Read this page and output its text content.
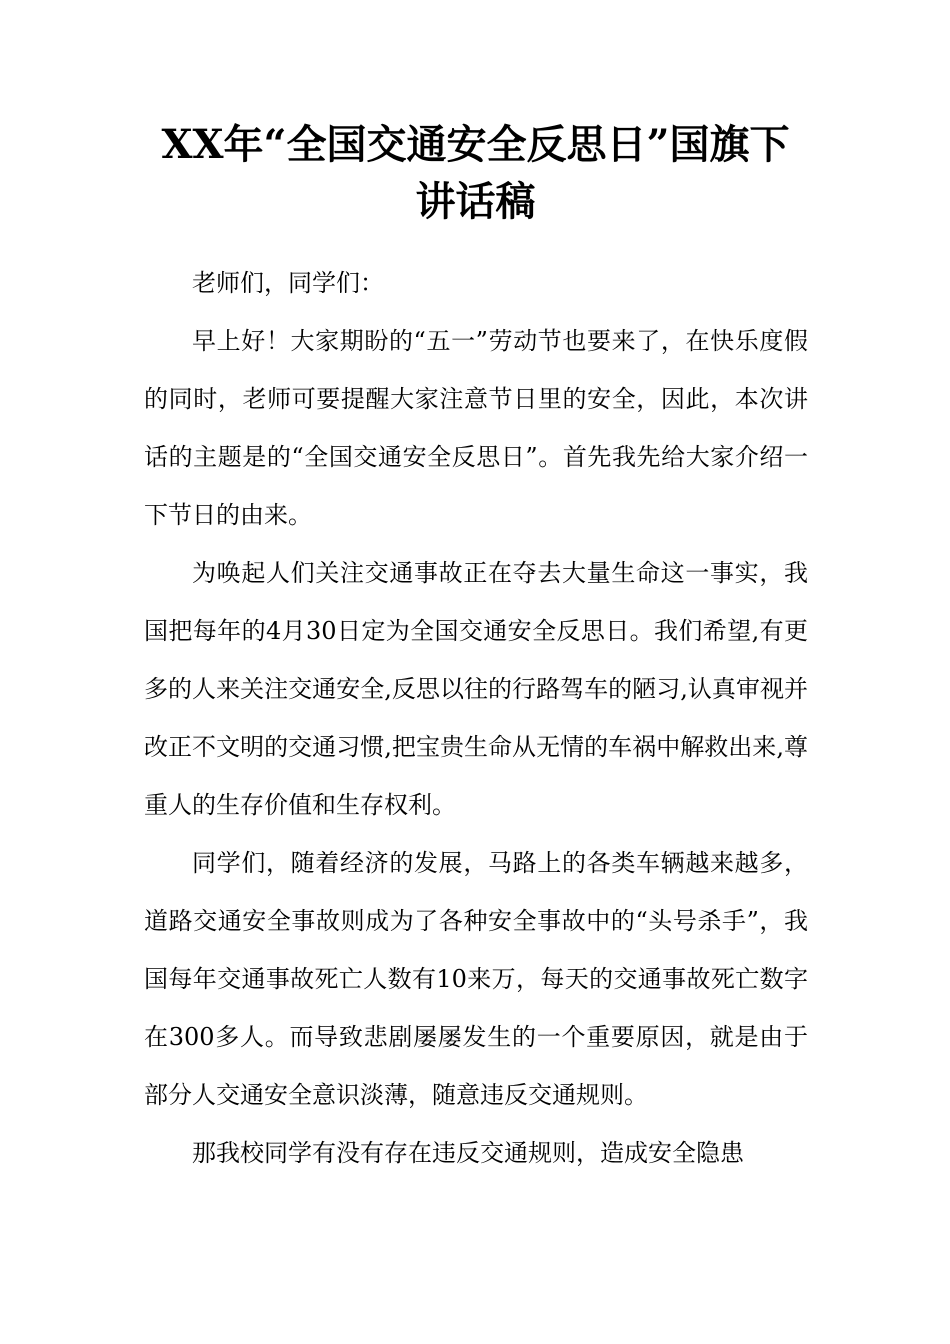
XX年“全国交通安全反思日”国旗下讲话稿

老师们，同学们：

早上好！大家期盼的“五一”劳动节也要来了，在快乐度假的同时，老师可要提醒大家注意节日里的安全，因此，本次讲话的主题是的“全国交通安全反思日”。首先我先给大家介绍一下节日的由来。

为唤起人们关注交通事故正在夺去大量生命这一事实，我国把每年的4月30日定为全国交通安全反思日。我们希望,有更多的人来关注交通安全,反思以往的行路驾车的陋习,认真审视并改正不文明的交通习惯,把宝贵生命从无情的车祸中解救出来,尊重人的生存价值和生存权利。

同学们，随着经济的发展，马路上的各类车辆越来越多，道路交通安全事故则成为了各种安全事故中的“头号杀手”，我国每年交通事故死亡人数有10来万，每天的交通事故死亡数字在300多人。而导致悲剧屡屡发生的一个重要原因，就是由于部分人交通安全意识淡薄，随意违反交通规则。

那我校同学有没有存在违反交通规则，造成安全隐患
